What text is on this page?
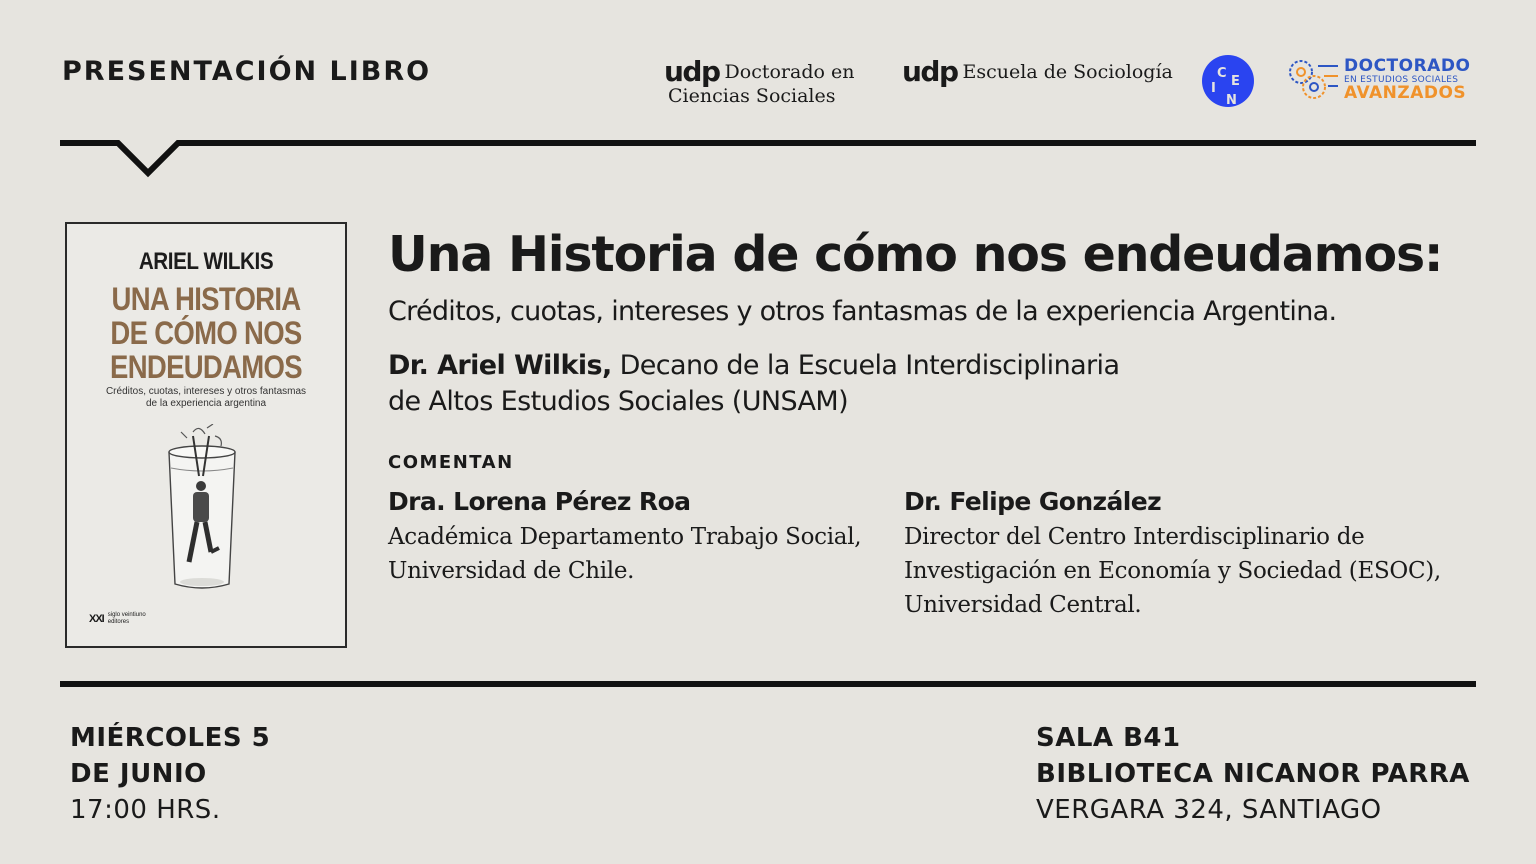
PRESENTACIÓN LIBRO	udp Doctorado en
Ciencias Sociales
udp Escuela de Sociología	C
I E
N
DOCTORADO
EN ESTUDIOS SOCIALES
AVANZADOS
ARIEL WILKIS
UNA HISTORIA
DE CÓMO NOS
ENDEUDAMOS
Créditos, cuotas, intereses y otros fantasmas
de la experiencia argentina
XXI siglo veintiuno
editores
Una Historia de cómo nos endeudamos:
Créditos, cuotas, intereses y otros fantasmas de la experiencia Argentina.
Dr. Ariel Wilkis, Decano de la Escuela Interdisciplinaria
de Altos Estudios Sociales (UNSAM)
COMENTAN
Dra. Lorena Pérez Roa
Académica Departamento Trabajo Social,
Universidad de Chile.
Dr. Felipe González
Director del Centro Interdisciplinario de
Investigación en Economía y Sociedad (ESOC),
Universidad Central.
MIÉRCOLES 5
DE JUNIO
17:00 HRS.
SALA B41
BIBLIOTECA NICANOR PARRA
VERGARA 324, SANTIAGO
